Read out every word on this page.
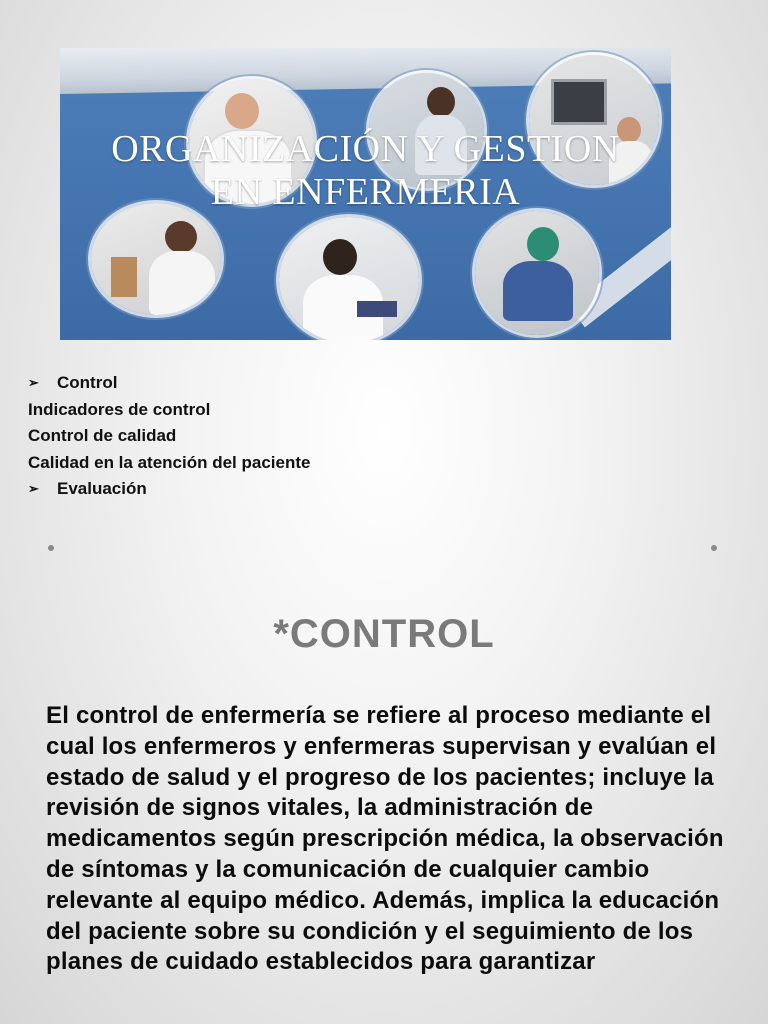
ORGANIZACIÓN Y GESTION
EN ENFERMERIA
➢	Control
Indicadores de control
Control de calidad
Calidad en la atención del paciente
➢	Evaluación
*CONTROL
El control de enfermería se refiere al proceso mediante el cual los enfermeros y enfermeras supervisan y evalúan el estado de salud y el progreso de los pacientes; incluye la revisión de signos vitales, la administración de medicamentos según prescripción médica, la observación de síntomas y la comunicación de cualquier cambio relevante al equipo médico. Además, implica la educación del paciente sobre su condición y el seguimiento de los planes de cuidado establecidos para garantizar
